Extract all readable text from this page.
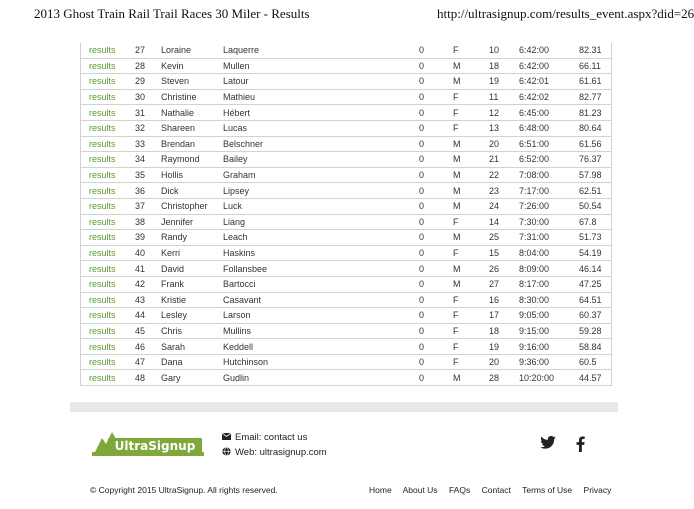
2013 Ghost Train Rail Trail Races 30 Miler - Results	http://ultrasignup.com/results_event.aspx?did=26
results	27	Loraine	Laquerre	0	F	10	6:42:00	82.31
results	28	Kevin	Mullen	0	M	18	6:42:00	66.11
results	29	Steven	Latour	0	M	19	6:42:01	61.61
results	30	Christine	Mathieu	0	F	11	6:42:02	82.77
results	31	Nathalie	Hébert	0	F	12	6:45:00	81.23
results	32	Shareen	Lucas	0	F	13	6:48:00	80.64
results	33	Brendan	Belschner	0	M	20	6:51:00	61.56
results	34	Raymond	Bailey	0	M	21	6:52:00	76.37
results	35	Hollis	Graham	0	M	22	7:08:00	57.98
results	36	Dick	Lipsey	0	M	23	7:17:00	62.51
results	37	Christopher	Luck	0	M	24	7:26:00	50.54
results	38	Jennifer	Liang	0	F	14	7:30:00	67.8
results	39	Randy	Leach	0	M	25	7:31:00	51.73
results	40	Kerri	Haskins	0	F	15	8:04:00	54.19
results	41	David	Follansbee	0	M	26	8:09:00	46.14
results	42	Frank	Bartocci	0	M	27	8:17:00	47.25
results	43	Kristie	Casavant	0	F	16	8:30:00	64.51
results	44	Lesley	Larson	0	F	17	9:05:00	60.37
results	45	Chris	Mullins	0	F	18	9:15:00	59.28
results	46	Sarah	Keddell	0	F	19	9:16:00	58.84
results	47	Dana	Hutchinson	0	F	20	9:36:00	60.5
results	48	Gary	Gudlin	0	M	28	10:20:00	44.57
UltraSignup
Email: contact us
Web: ultrasignup.com
© Copyright 2015 UltraSignup. All rights reserved.	Home About Us FAQs Contact Terms of Use Privacy
